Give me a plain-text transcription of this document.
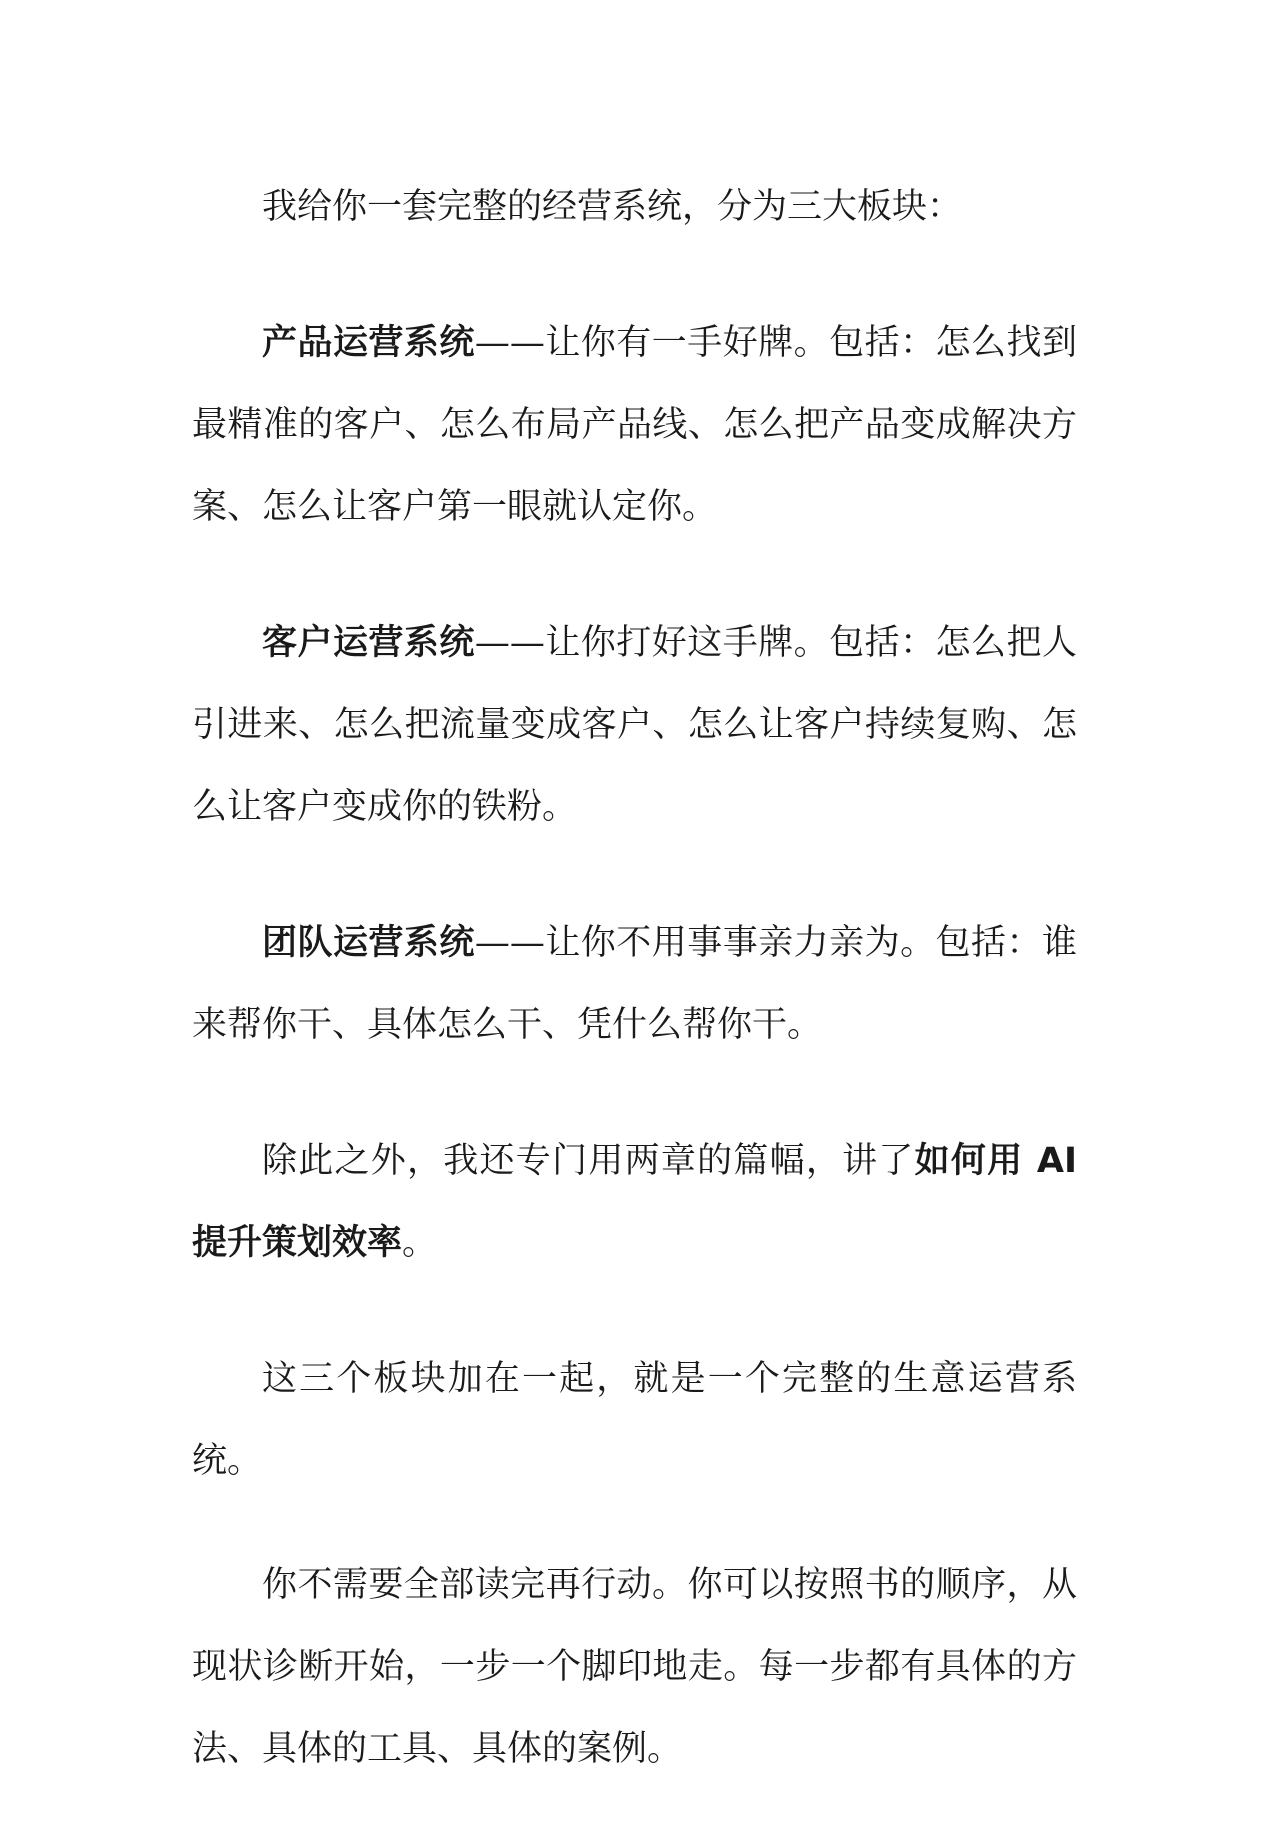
我给你一套完整的经营系统，分为三大板块：

产品运营系统——让你有一手好牌。包括：怎么找到最精准的客户、怎么布局产品线、怎么把产品变成解决方案、怎么让客户第一眼就认定你。

客户运营系统——让你打好这手牌。包括：怎么把人引进来、怎么把流量变成客户、怎么让客户持续复购、怎么让客户变成你的铁粉。

团队运营系统——让你不用事事亲力亲为。包括：谁来帮你干、具体怎么干、凭什么帮你干。

除此之外，我还专门用两章的篇幅，讲了如何用 AI 提升策划效率。

这三个板块加在一起，就是一个完整的生意运营系统。

你不需要全部读完再行动。你可以按照书的顺序，从现状诊断开始，一步一个脚印地走。每一步都有具体的方法、具体的工具、具体的案例。
